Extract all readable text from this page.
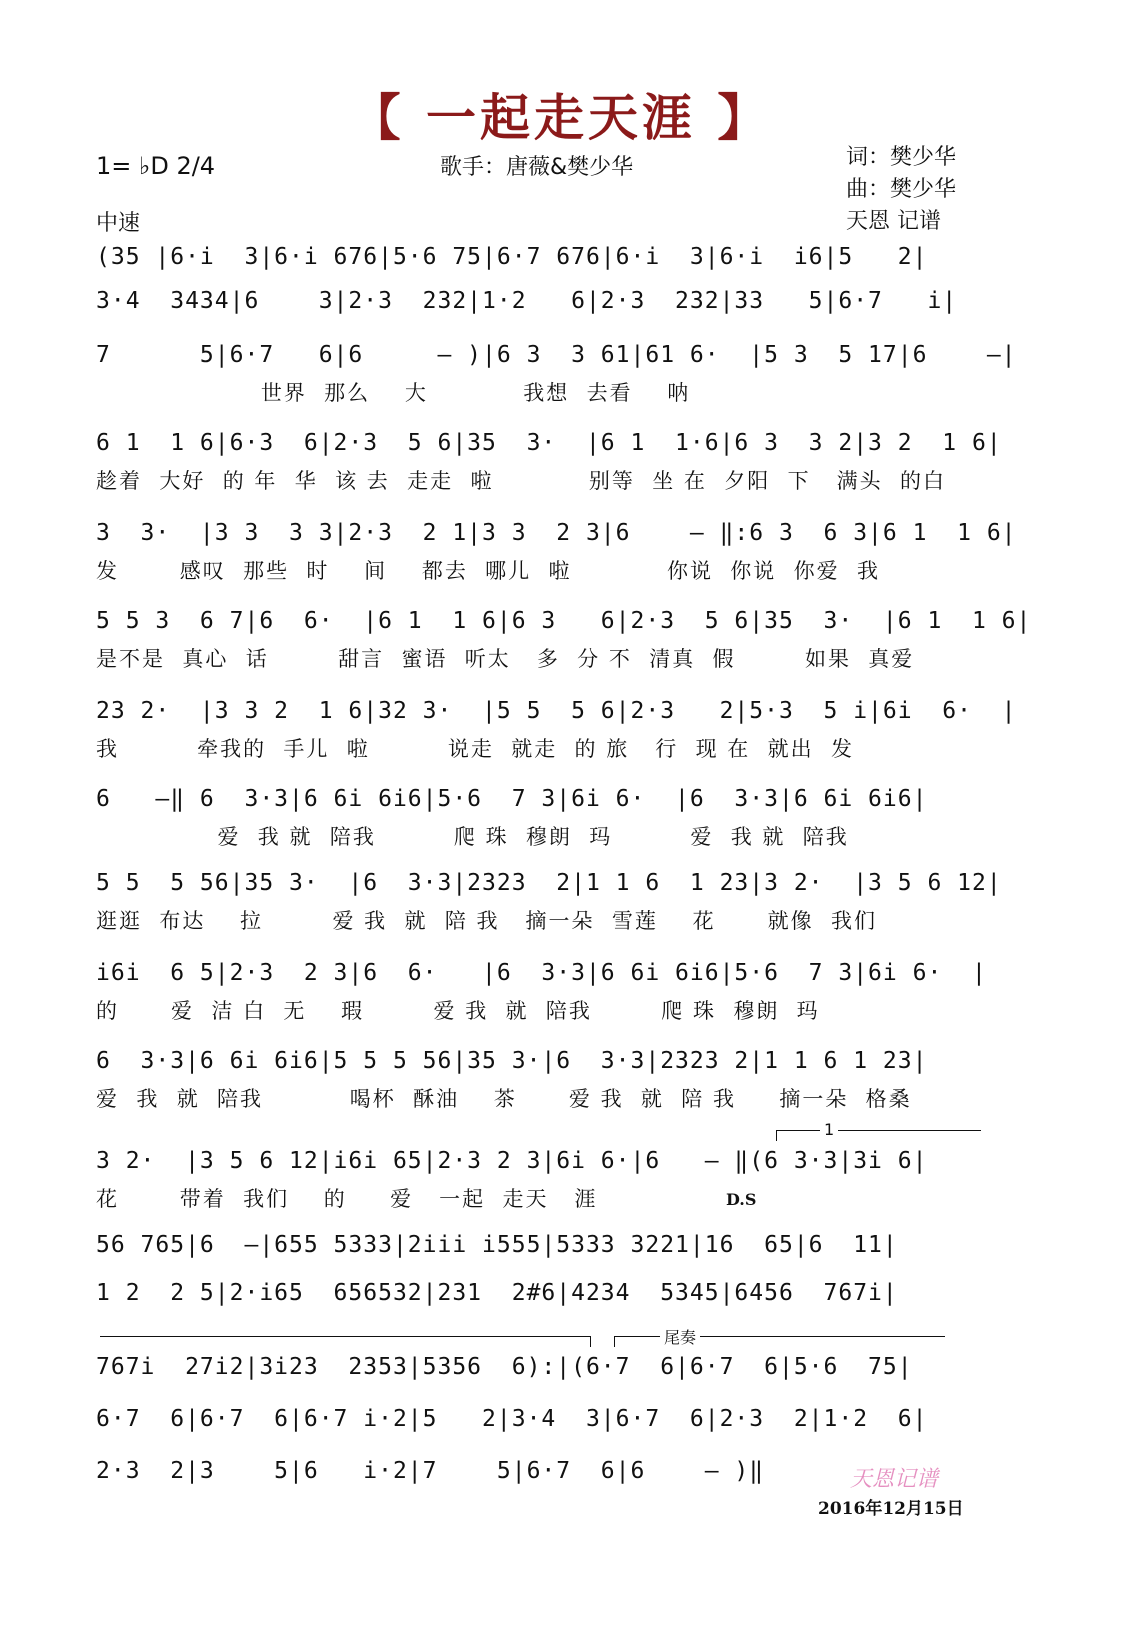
【 一起走天涯 】
1= ♭D 2/4	歌手：唐薇&樊少华	词：樊少华
曲：樊少华
天恩 记谱
中速
(35 |6·i  3|6·i 676|5·6 75|6·7 676|6·i  3|6·i  i6|5   2|
3·4  3434|6    3|2·3  232|1·2   6|2·3  232|33   5|6·7   i|
7      5|6·7   6|6     — )|6 3  3 61|61 6·  |5 3  5 17|6    —|
世界  那么    大           我想  去看    呐
6 1  1 6|6·3  6|2·3  5 6|35  3·  |6 1  1·6|6 3  3 2|3 2  1 6|
趁着  大好  的 年  华  该 去  走走  啦           别等  坐 在  夕阳  下   满头  的白
3  3·  |3 3  3 3|2·3  2 1|3 3  2 3|6    — ‖:6 3  6 3|6 1  1 6|
发       感叹  那些  时    间    都去  哪儿  啦           你说  你说  你爱  我
5 5 3  6 7|6  6·  |6 1  1 6|6 3   6|2·3  5 6|35  3·  |6 1  1 6|
是不是  真心  话        甜言  蜜语  听太   多  分 不  清真  假        如果  真爱
23 2·  |3 3 2  1 6|32 3·  |5 5  5 6|2·3   2|5·3  5 i|6i  6·  |
我         牵我的  手儿  啦         说走  就走  的 旅   行  现 在  就出  发
6   —‖ 6  3·3|6 6i 6i6|5·6  7 3|6i 6·  |6  3·3|6 6i 6i6|
爱  我 就  陪我         爬 珠  穆朗  玛         爱  我 就  陪我
5 5  5 56|35 3·  |6  3·3|2323  2|1 1 6  1 23|3 2·  |3 5 6 12|
逛逛  布达    拉        爱 我  就  陪 我   摘一朵  雪莲    花      就像  我们
i6i  6 5|2·3  2 3|6  6·   |6  3·3|6 6i 6i6|5·6  7 3|6i 6·  |
的      爱  洁 白  无    瑕        爱 我  就  陪我        爬 珠  穆朗  玛
6  3·3|6 6i 6i6|5 5 5 56|35 3·|6  3·3|2323 2|1 1 6 1 23|
爱  我  就  陪我          喝杯  酥油    茶      爱 我  就  陪 我     摘一朵  格桑
3 2·  |3 5 6 12|i6i 65|2·3 2 3|6i 6·|6   — ‖(6 3·3|3i 6|
花       带着  我们    的     爱   一起  走天   涯
56 765|6  —|655 5333|2iii i555|5333 3221|16  65|6  11|
1 2  2 5|2·i65  656532|231  2#6|4234  5345|6456  767i|
767i  27i2|3i23  2353|5356  6):|(6·7  6|6·7  6|5·6  75|
6·7  6|6·7  6|6·7 i·2|5   2|3·4  3|6·7  6|2·3  2|1·2  6|
2·3  2|3    5|6   i·2|7    5|6·7  6|6    — )‖
1
尾奏
D.S
天恩记谱
2016年12月15日
